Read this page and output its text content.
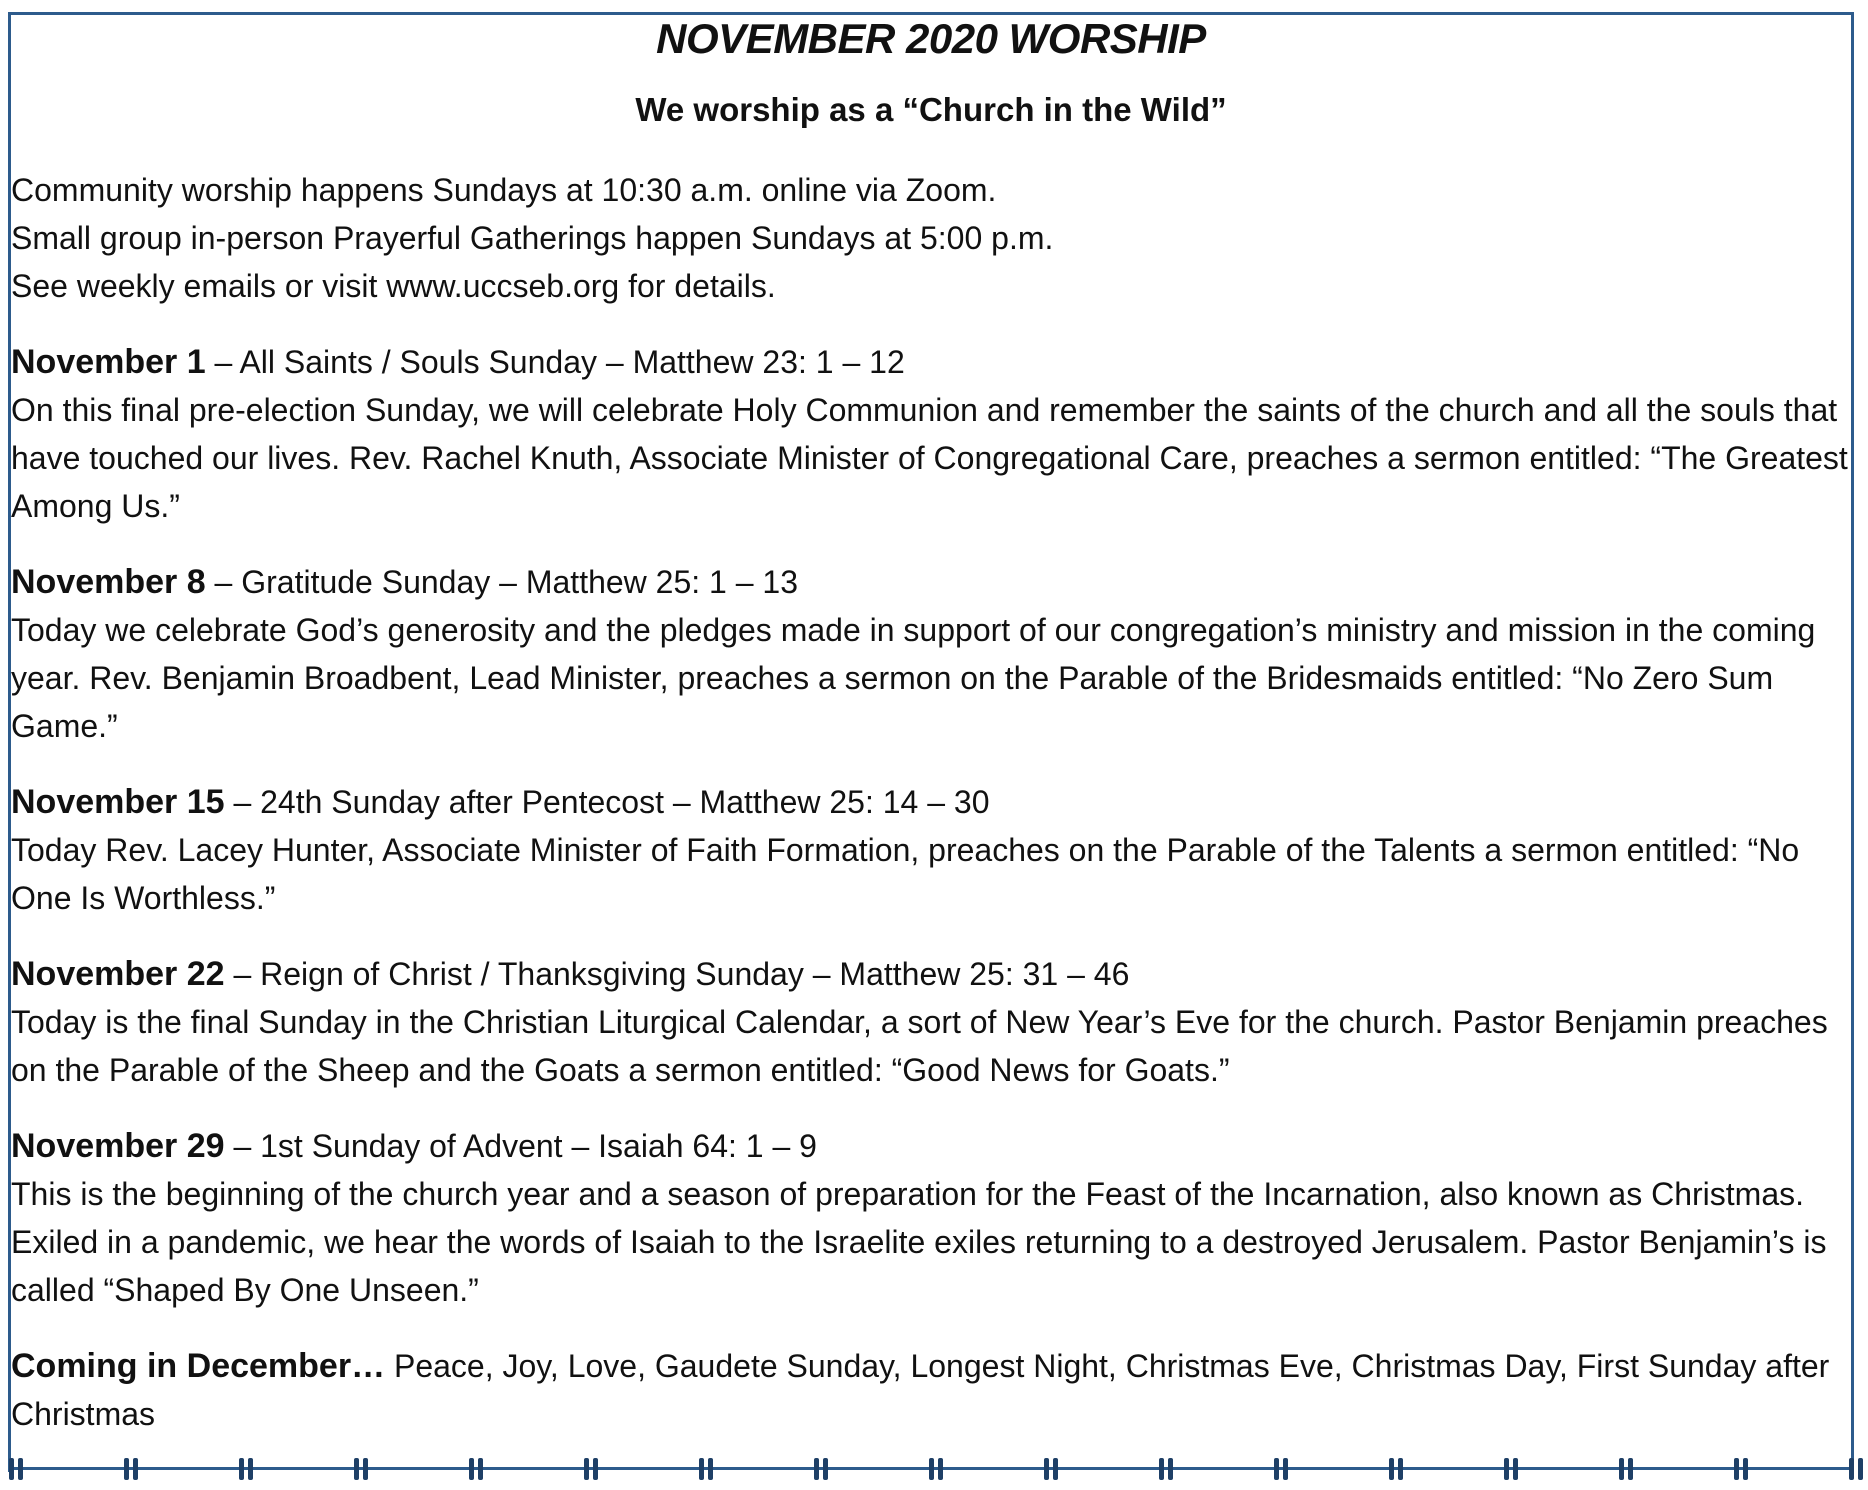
NOVEMBER 2020 WORSHIP
We worship as a “Church in the Wild”
Community worship happens Sundays at 10:30 a.m. online via Zoom.
Small group in-person Prayerful Gatherings happen Sundays at 5:00 p.m.
See weekly emails or visit www.uccseb.org for details.
November 1 – All Saints / Souls Sunday – Matthew 23: 1 – 12
On this final pre-election Sunday, we will celebrate Holy Communion and remember the saints of the church and all the souls that have touched our lives. Rev. Rachel Knuth, Associate Minister of Congregational Care, preaches a sermon entitled: “The Greatest Among Us.”
November 8 – Gratitude Sunday – Matthew 25: 1 – 13
Today we celebrate God’s generosity and the pledges made in support of our congregation’s ministry and mission in the coming year. Rev. Benjamin Broadbent, Lead Minister, preaches a sermon on the Parable of the Bridesmaids entitled: “No Zero Sum Game.”
November 15 – 24th Sunday after Pentecost – Matthew 25: 14 – 30
Today Rev. Lacey Hunter, Associate Minister of Faith Formation, preaches on the Parable of the Talents a sermon entitled: “No One Is Worthless.”
November 22 – Reign of Christ / Thanksgiving Sunday – Matthew 25: 31 – 46
Today is the final Sunday in the Christian Liturgical Calendar, a sort of New Year’s Eve for the church. Pastor Benjamin preaches on the Parable of the Sheep and the Goats a sermon entitled: “Good News for Goats.”
November 29 – 1st Sunday of Advent – Isaiah 64: 1 – 9
This is the beginning of the church year and a season of preparation for the Feast of the Incarnation, also known as Christmas. Exiled in a pandemic, we hear the words of Isaiah to the Israelite exiles returning to a destroyed Jerusalem. Pastor Benjamin’s is called “Shaped By One Unseen.”
Coming in December… Peace, Joy, Love, Gaudete Sunday, Longest Night, Christmas Eve, Christmas Day, First Sunday after Christmas
